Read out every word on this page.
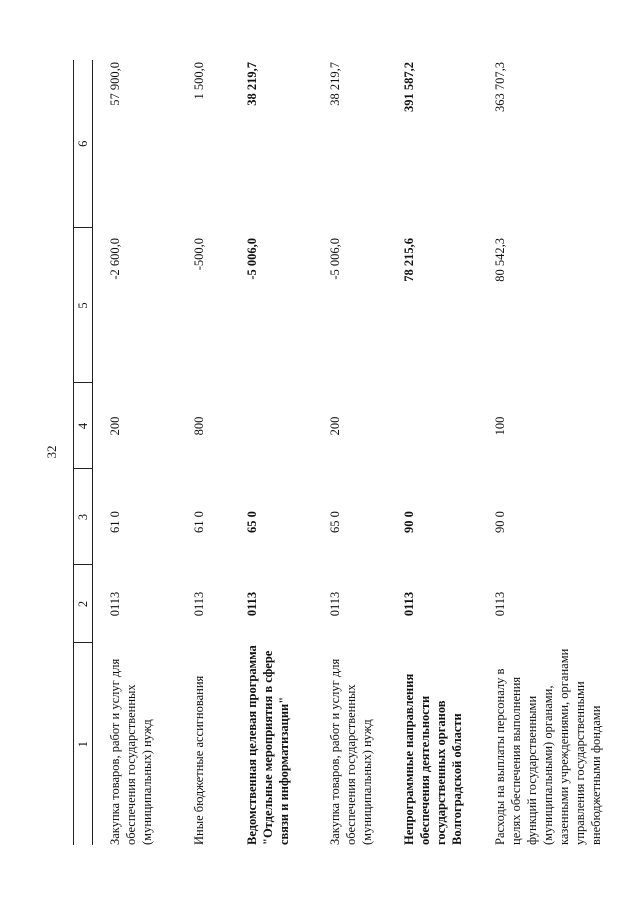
32
1	2	3	4	5	6
Закупка товаров, работ и услуг для обеспечения государственных (муниципальных) нужд	0113	61 0	200	-2 600,0	57 900,0
Иные бюджетные ассигнования	0113	61 0	800	-500,0	1 500,0
Ведомственная целевая программа "Отдельные мероприятия в сфере связи и информатизации"	0113	65 0		-5 006,0	38 219,7
Закупка товаров, работ и услуг для обеспечения государственных (муниципальных) нужд	0113	65 0	200	-5 006,0	38 219,7
Непрограммные направления обеспечения деятельности государственных органов Волгоградской области	0113	90 0		78 215,6	391 587,2
Расходы на выплаты персоналу в целях обеспечения выполнения функций государственными (муниципальными) органами, казенными учреждениями, органами управления государственными внебюджетными фондами	0113	90 0	100	80 542,3	363 707,3
